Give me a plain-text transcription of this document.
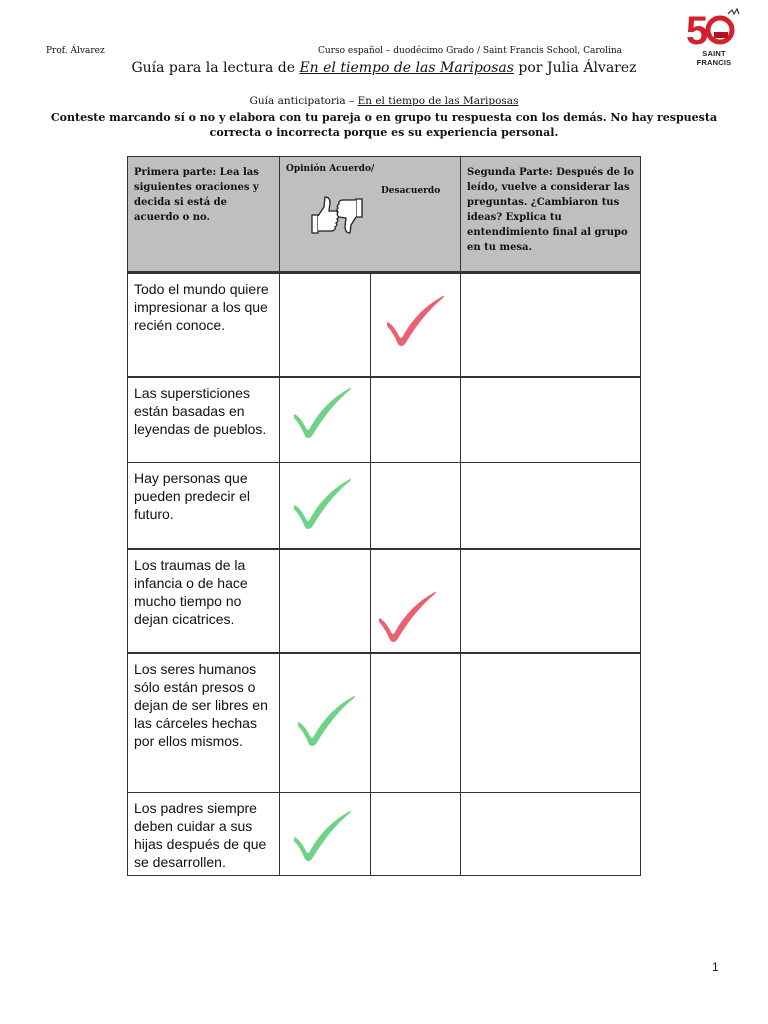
Prof. Álvarez	Curso español – duodécimo Grado / Saint Francis School, Carolina 5
SAINT FRANCIS
Guía para la lectura de En el tiempo de las Mariposas por Julia Álvarez
Guía anticipatoria – En el tiempo de las Mariposas
Conteste marcando sí o no y elabora con tu pareja o en grupo tu respuesta con los demás. No hay respuesta correcta o incorrecta porque es su experiencia personal.
Primera parte: Lea las siguientes oraciones y decida si está de acuerdo o no.
Opinión Acuerdo/
Desacuerdo
Segunda Parte: Después de lo leído, vuelve a considerar las preguntas. ¿Cambiaron tus ideas? Explica tu entendimiento final al grupo en tu mesa.
Todo el mundo quiere impresionar a los que recién conoce.
Las supersticiones están basadas en leyendas de pueblos.
Hay personas que pueden predecir el futuro.
Los traumas de la infancia o de hace mucho tiempo no dejan cicatrices.
Los seres humanos sólo están presos o dejan de ser libres en las cárceles hechas por ellos mismos.
Los padres siempre deben cuidar a sus hijas después de que se desarrollen.
1
